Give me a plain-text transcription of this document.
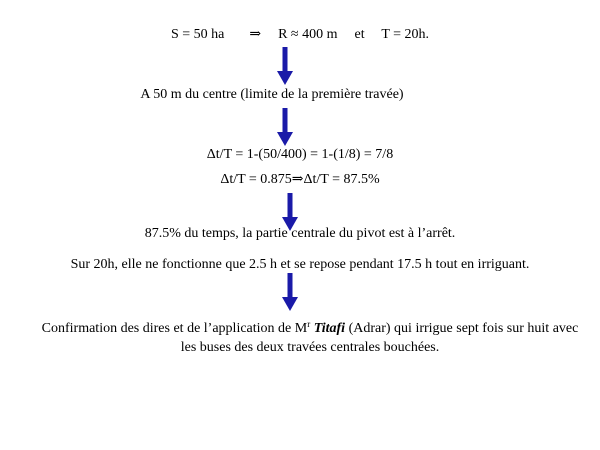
S = 50 ha ⇒ R ≈ 400 m et T = 20h.
A 50 m du centre (limite de la première travée)
Δt/T = 1-(50/400) = 1-(1/8) = 7/8
Δt/T = 0.875⇒Δt/T = 87.5%
87.5% du temps, la partie centrale du pivot est à l’arrêt.
Sur 20h, elle ne fonctionne que 2.5 h et se repose pendant 17.5 h tout en irriguant.
Confirmation des dires et de l’application de $M^r$ Titafi (Adrar) qui irrigue sept fois sur huit avec les buses des deux travées centrales bouchées.
